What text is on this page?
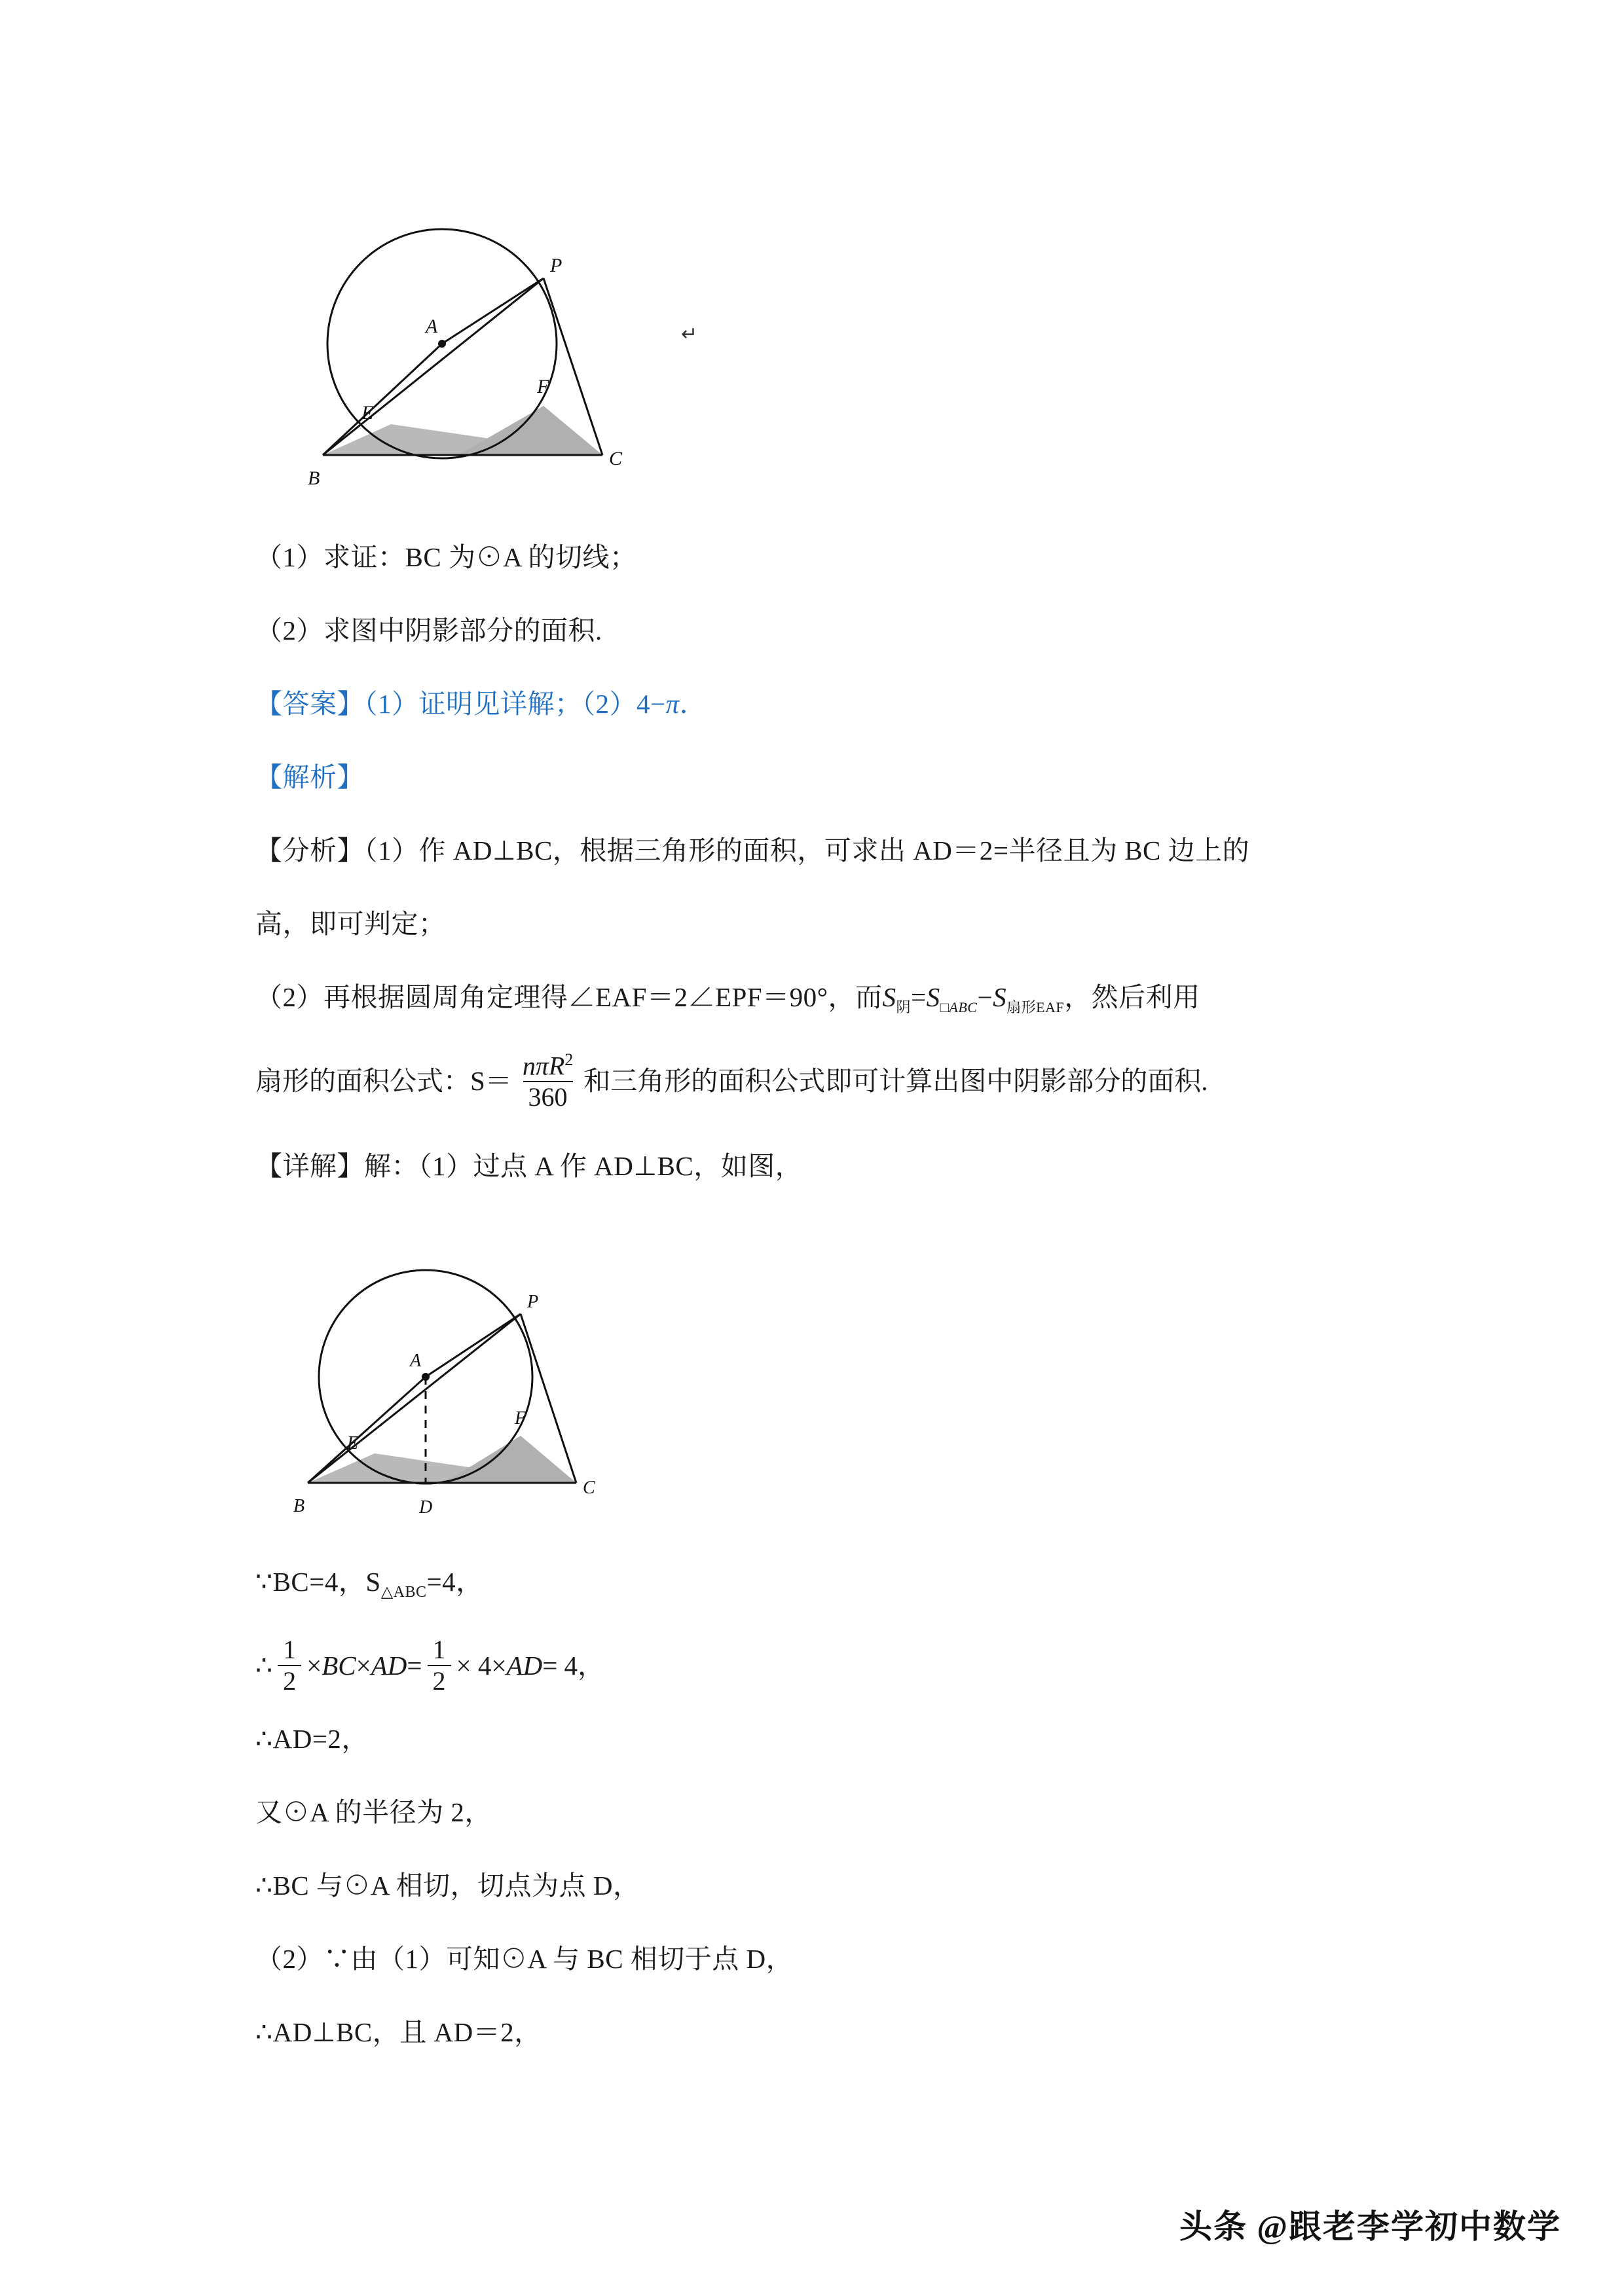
A
P
F
E
B
C
↵

（1）求证：BC 为⊙A 的切线；

（2）求图中阴影部分的面积.

【答案】（1）证明见详解；（2）4−π．

【解析】

【分析】（1）作 AD⊥BC，根据三角形的面积，可求出 AD＝2=半径且为 BC 边上的

高，即可判定；

（2）再根据圆周角定理得∠EAF＝2∠EPF＝90°，而$S_阴=S_{□ABC}-S_{扇形EAF}$，然后利用

扇形的面积公式：$S= \frac{n\pi R^2}{360}$ 和三角形的面积公式即可计算出图中阴影部分的面积.

【详解】解：（1）过点 A 作 AD⊥BC，如图，

A
P
F
E
B	D
C

∵BC=4，$S_{\triangle ABC}=4$，

∴ $\frac{1}{2}$ × BC × AD = $\frac{1}{2} \times 4\times$ AD = 4 ，

∴AD=2，

又⊙A 的半径为 2，

∴BC 与⊙A 相切，切点为点 D，

（2）∵由（1）可知⊙A 与 BC 相切于点 D，

∴AD⊥BC，且 AD＝2，

头条 @跟老李学初中数学
